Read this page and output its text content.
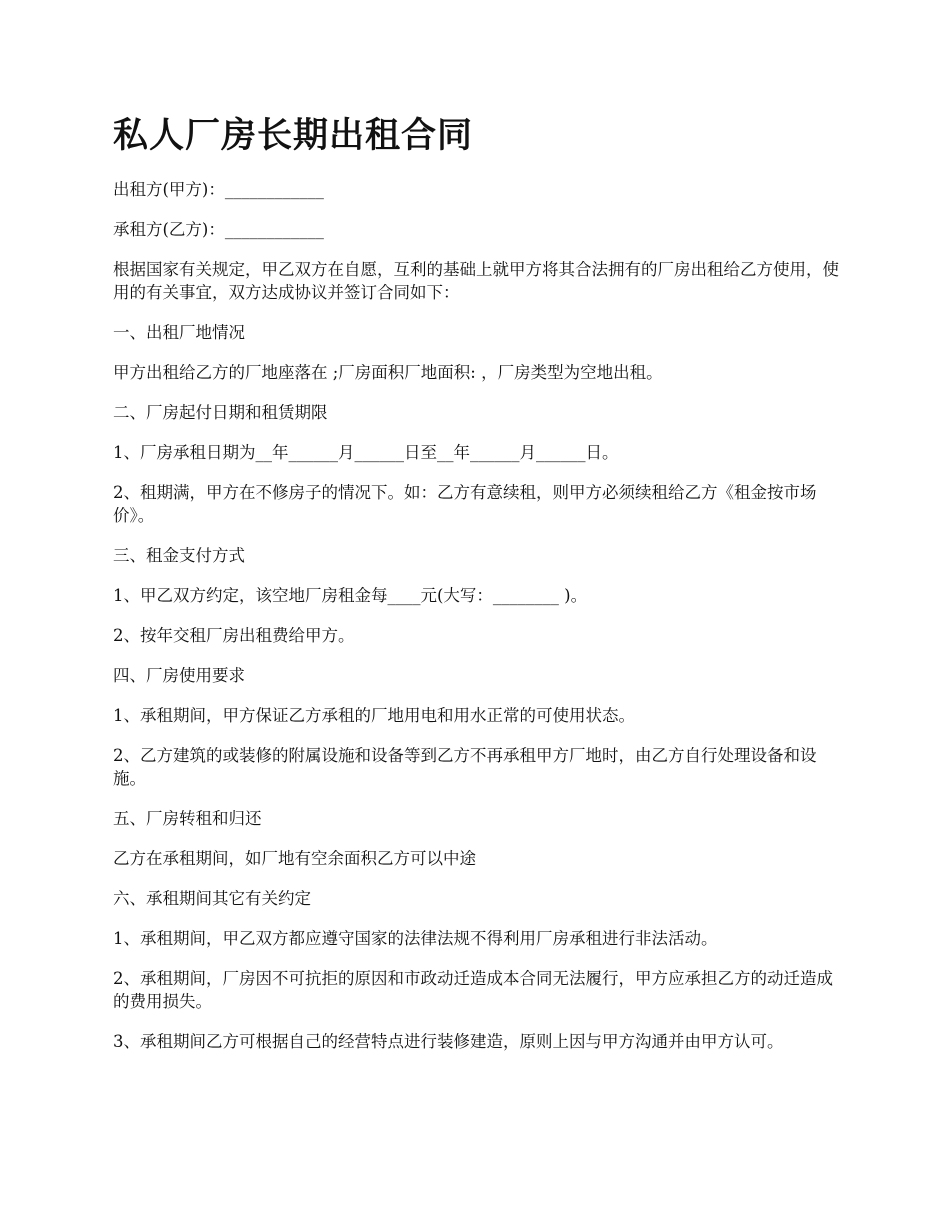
私人厂房长期出租合同

出租方(甲方)：____________

承租方(乙方)：____________

根据国家有关规定，甲乙双方在自愿，互利的基础上就甲方将其合法拥有的厂房出租给乙方使用，使用的有关事宜，双方达成协议并签订合同如下：

一、出租厂地情况

甲方出租给乙方的厂地座落在 ;厂房面积厂地面积: ，厂房类型为空地出租。

二、厂房起付日期和租赁期限

1、厂房承租日期为__年______月______日至__年______月______日。

2、租期满，甲方在不修房子的情况下。如：乙方有意续租，则甲方必须续租给乙方《租金按市场价》。

三、租金支付方式

1、甲乙双方约定，该空地厂房租金每____元(大写：________ )。

2、按年交租厂房出租费给甲方。

四、厂房使用要求

1、承租期间，甲方保证乙方承租的厂地用电和用水正常的可使用状态。

2、乙方建筑的或装修的附属设施和设备等到乙方不再承租甲方厂地时，由乙方自行处理设备和设施。

五、厂房转租和归还

乙方在承租期间，如厂地有空余面积乙方可以中途

六、承租期间其它有关约定

1、承租期间，甲乙双方都应遵守国家的法律法规不得利用厂房承租进行非法活动。

2、承租期间，厂房因不可抗拒的原因和市政动迁造成本合同无法履行，甲方应承担乙方的动迁造成的费用损失。

3、承租期间乙方可根据自己的经营特点进行装修建造，原则上因与甲方沟通并由甲方认可。
